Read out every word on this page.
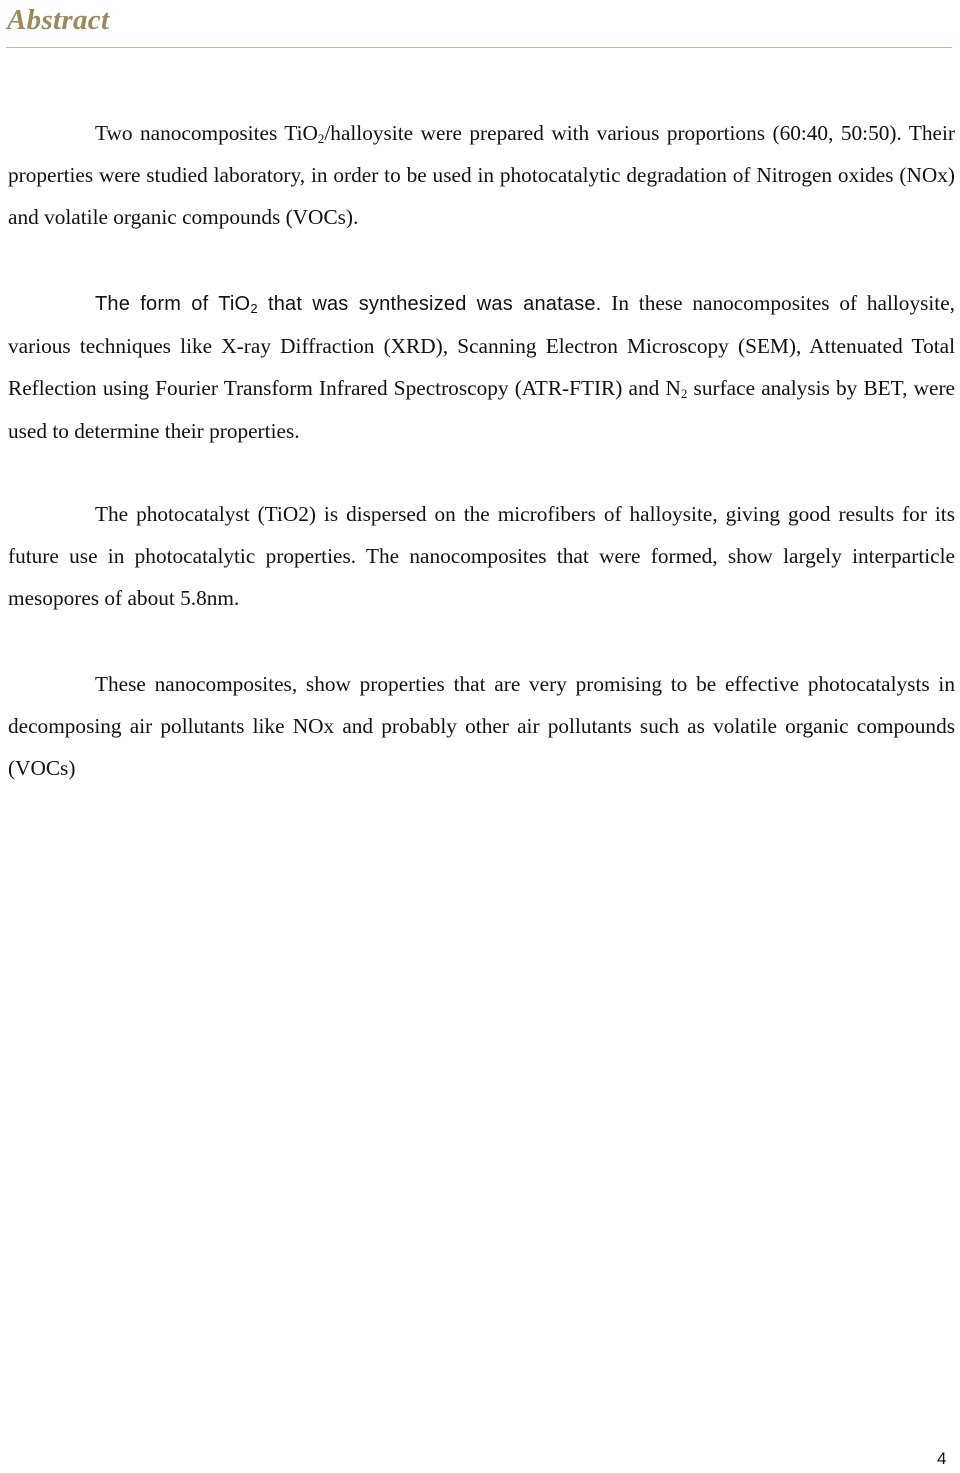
Abstract

Two nanocomposites TiO$_2$/halloysite were prepared with various proportions (60:40, 50:50). Their properties were studied laboratory, in order to be used in photocatalytic degradation of Nitrogen oxides (NOx) and volatile organic compounds (VOCs).

The form of TiO$_2$ that was synthesized was anatase. In these nanocomposites of halloysite, various techniques like X-ray Diffraction (XRD), Scanning Electron Microscopy (SEM), Attenuated Total Reflection using Fourier Transform Infrared Spectroscopy (ATR-FTIR) and $N_2$ surface analysis by BET, were used to determine their properties.

The photocatalyst (TiO2) is dispersed on the microfibers of halloysite, giving good results for its future use in photocatalytic properties. The nanocomposites that were formed, show largely interparticle mesopores of about 5.8nm.

These nanocomposites, show properties that are very promising to be effective photocatalysts in decomposing air pollutants like NOx and probably other air pollutants such as volatile organic compounds (VOCs)

4
